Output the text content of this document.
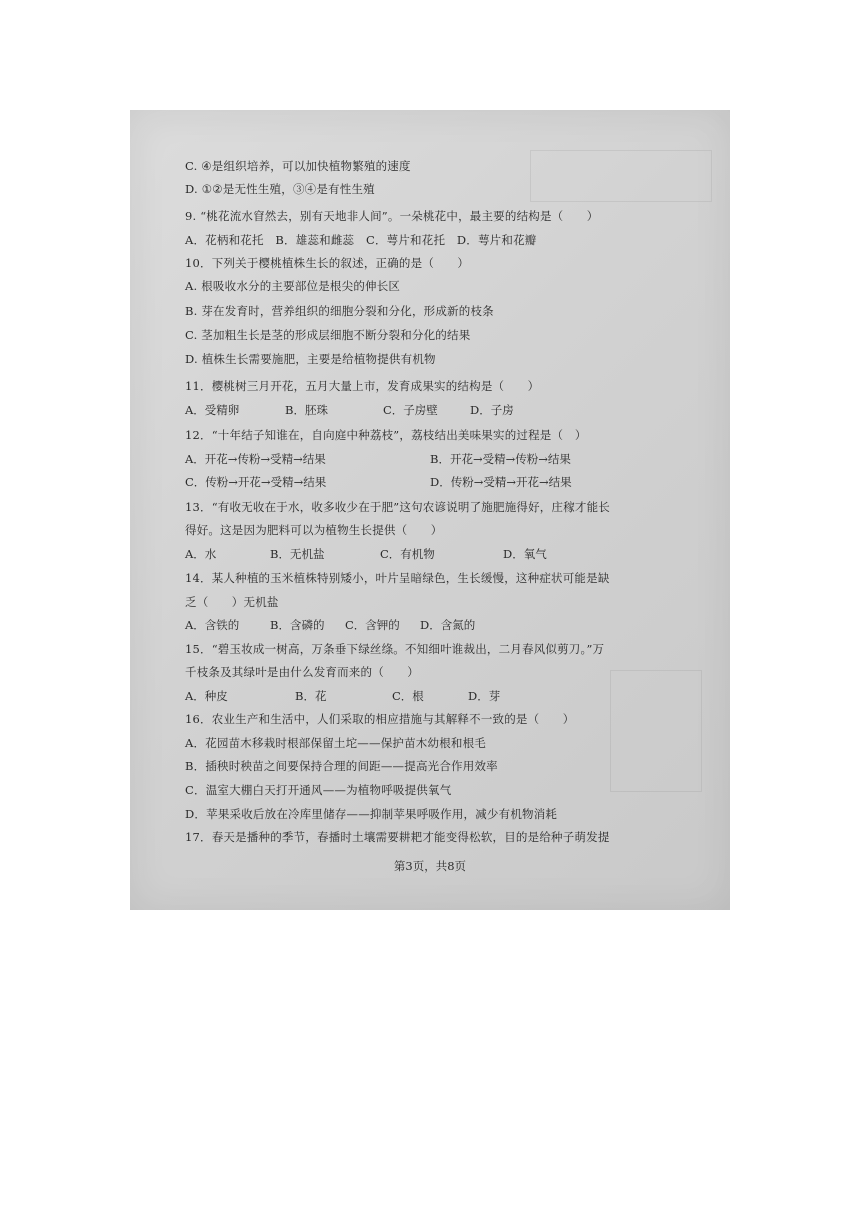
C. ④是组织培养，可以加快植物繁殖的速度
D. ①②是无性生殖，③④是有性生殖
9. “桃花流水窅然去，别有天地非人间”。一朵桃花中，最主要的结构是（　　）
A．花柄和花托　B．雄蕊和雌蕊　C．萼片和花托　D．萼片和花瓣
10．下列关于樱桃植株生长的叙述，正确的是（　　）
A. 根吸收水分的主要部位是根尖的伸长区
B. 芽在发育时，营养组织的细胞分裂和分化，形成新的枝条
C. 茎加粗生长是茎的形成层细胞不断分裂和分化的结果
D. 植株生长需要施肥，主要是给植物提供有机物
11．樱桃树三月开花，五月大量上市，发育成果实的结构是（　　）
A．受精卵	B．胚珠	C．子房壁	D．子房
12．“十年结子知谁在，自向庭中种荔枝”，荔枝结出美味果实的过程是（　）
A．开花→传粉→受精→结果	B．开花→受精→传粉→结果
C．传粉→开花→受精→结果	D．传粉→受精→开花→结果
13．“有收无收在于水，收多收少在于肥”这句农谚说明了施肥施得好，庄稼才能长
得好。这是因为肥料可以为植物生长提供（　　）
A．水	B．无机盐	C．有机物	D．氧气
14．某人种植的玉米植株特别矮小，叶片呈暗绿色，生长缓慢，这种症状可能是缺
乏（　　）无机盐
A．含铁的	B．含磷的 C．含钾的 D．含氮的
15．“碧玉妆成一树高，万条垂下绿丝绦。不知细叶谁裁出，二月春风似剪刀。”万
千枝条及其绿叶是由什么发育而来的（　　）
A．种皮	B．花	C．根	D．芽
16．农业生产和生活中，人们采取的相应措施与其解释不一致的是（　　）
A．花园苗木移栽时根部保留土坨——保护苗木幼根和根毛
B．插秧时秧苗之间要保持合理的间距——提高光合作用效率
C．温室大棚白天打开通风——为植物呼吸提供氧气
D．苹果采收后放在冷库里储存——抑制苹果呼吸作用，减少有机物消耗
17．春天是播种的季节，春播时土壤需要耕耙才能变得松软，目的是给种子萌发提
第3页，共8页
